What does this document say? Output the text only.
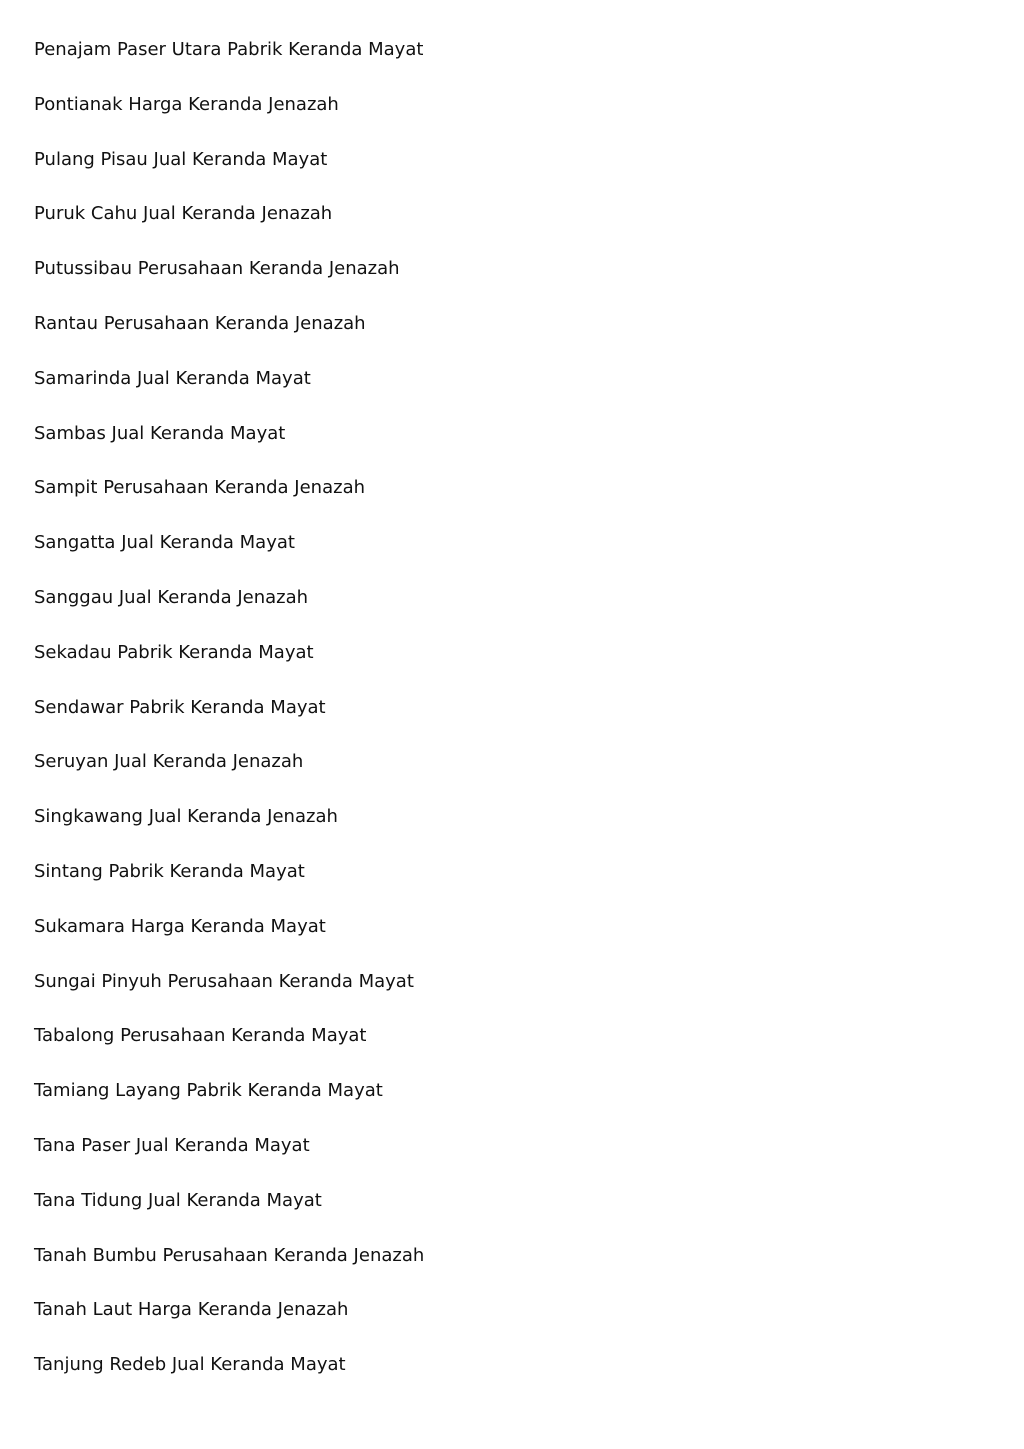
Penajam Paser Utara Pabrik Keranda Mayat
Pontianak Harga Keranda Jenazah
Pulang Pisau Jual Keranda Mayat
Puruk Cahu Jual Keranda Jenazah
Putussibau Perusahaan Keranda Jenazah
Rantau Perusahaan Keranda Jenazah
Samarinda Jual Keranda Mayat
Sambas Jual Keranda Mayat
Sampit Perusahaan Keranda Jenazah
Sangatta Jual Keranda Mayat
Sanggau Jual Keranda Jenazah
Sekadau Pabrik Keranda Mayat
Sendawar Pabrik Keranda Mayat
Seruyan Jual Keranda Jenazah
Singkawang Jual Keranda Jenazah
Sintang Pabrik Keranda Mayat
Sukamara Harga Keranda Mayat
Sungai Pinyuh Perusahaan Keranda Mayat
Tabalong Perusahaan Keranda Mayat
Tamiang Layang Pabrik Keranda Mayat
Tana Paser Jual Keranda Mayat
Tana Tidung Jual Keranda Mayat
Tanah Bumbu Perusahaan Keranda Jenazah
Tanah Laut Harga Keranda Jenazah
Tanjung Redeb Jual Keranda Mayat
